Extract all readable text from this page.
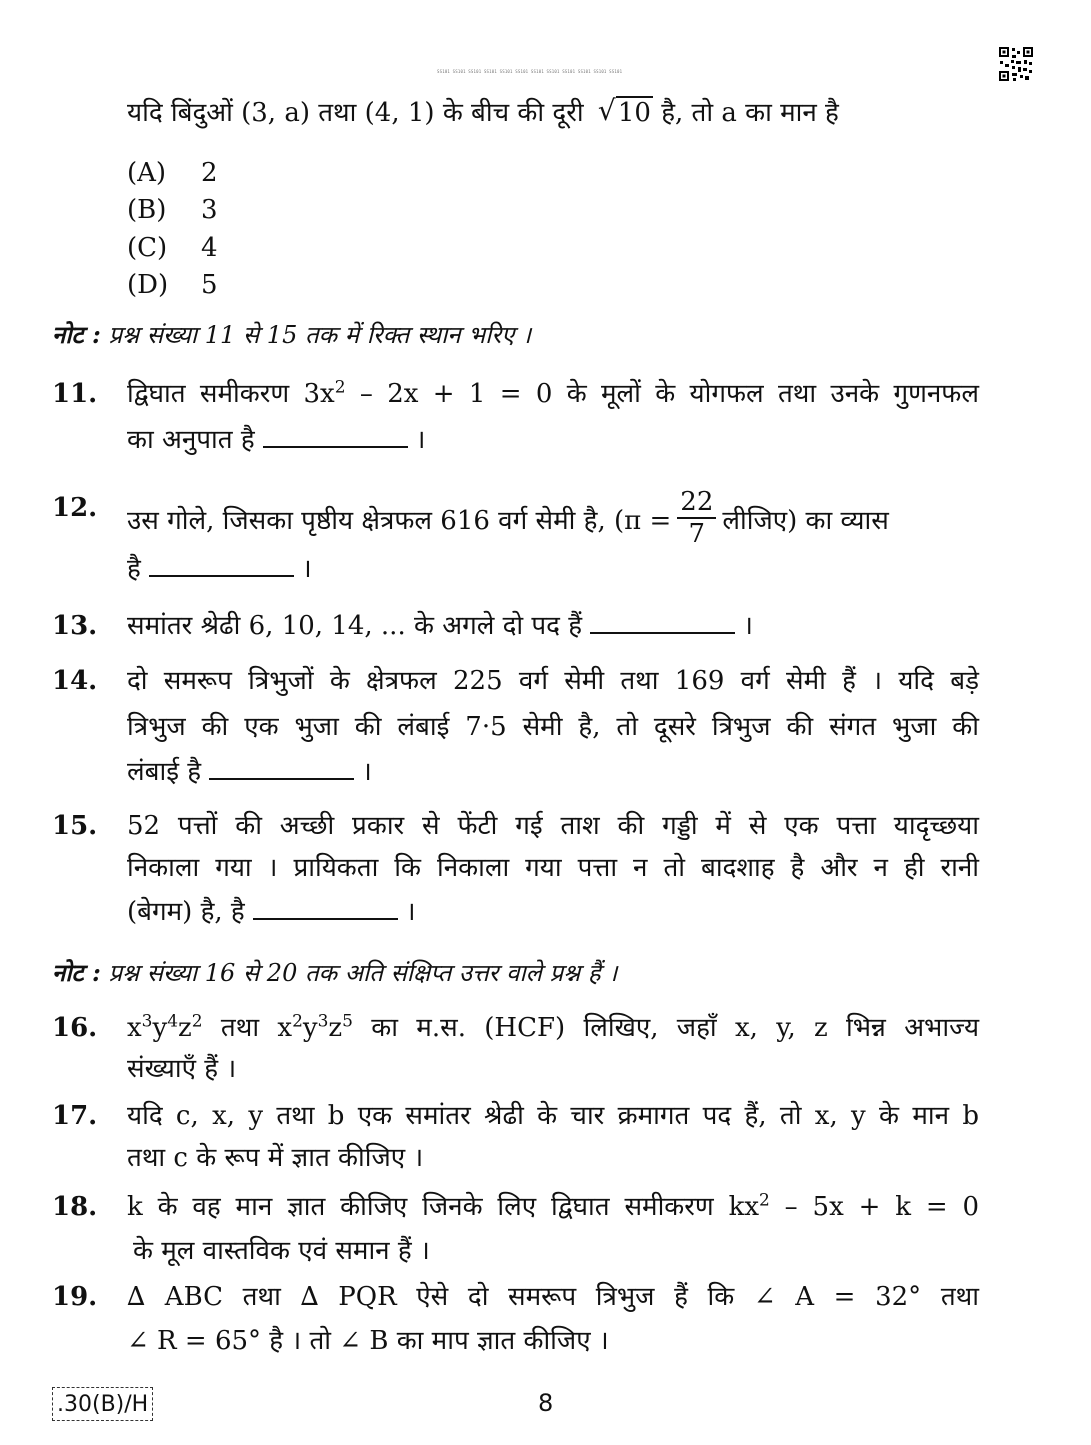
SS101 SS101 SS101 SS101 SS101 SS101 SS101 SS101 SS101 SS101 SS101 SS101
यदि बिंदुओं (3, a) तथा (4, 1) के बीच की दूरी √ 10 है, तो a का मान है
(A) 2
(B) 3
(C) 4
(D) 5
नोट : प्रश्न संख्या 11 से 15 तक में रिक्त स्थान भरिए ।
11. द्विघात समीकरण $3x^2 - 2x + 1 = 0$ के मूलों के योगफल तथा उनके गुणनफल
का अनुपात है	।
12. उस गोले, जिसका पृष्ठीय क्षेत्रफल 616 वर्ग सेमी है, ($\pi = \frac{22}{7}$ लीजिए) का व्यास
है	।
13. समांतर श्रेढी 6, 10, 14, ... के अगले दो पद हैं	।
14. दो समरूप त्रिभुजों के क्षेत्रफल 225 वर्ग सेमी तथा 169 वर्ग सेमी हैं । यदि बड़े
त्रिभुज की एक भुजा की लंबाई 7·5 सेमी है, तो दूसरे त्रिभुज की संगत भुजा की
लंबाई है	।
15. 52 पत्तों की अच्छी प्रकार से फेंटी गई ताश की गड्डी में से एक पत्ता यादृच्छया
निकाला गया । प्रायिकता कि निकाला गया पत्ता न तो बादशाह है और न ही रानी
(बेगम) है, है	।
नोट : प्रश्न संख्या 16 से 20 तक अति संक्षिप्त उत्तर वाले प्रश्न हैं ।
16. $x^3y^4z^2$ तथा $x^2y^3z^5$ का म.स. (HCF) लिखिए, जहाँ x, y, z भिन्न अभाज्य
संख्याएँ हैं ।
17. यदि c, x, y तथा b एक समांतर श्रेढी के चार क्रमागत पद हैं, तो x, y के मान b
तथा c के रूप में ज्ञात कीजिए ।
18. k के वह मान ज्ञात कीजिए जिनके लिए द्विघात समीकरण $kx^2 - 5x + k = 0$
के मूल वास्तविक एवं समान हैं ।
19. ∆ ABC तथा ∆ PQR ऐसे दो समरूप त्रिभुज हैं कि ∠ A = 32° तथा
∠ R = 65° है । तो ∠ B का माप ज्ञात कीजिए ।
.30(B)/H	8
